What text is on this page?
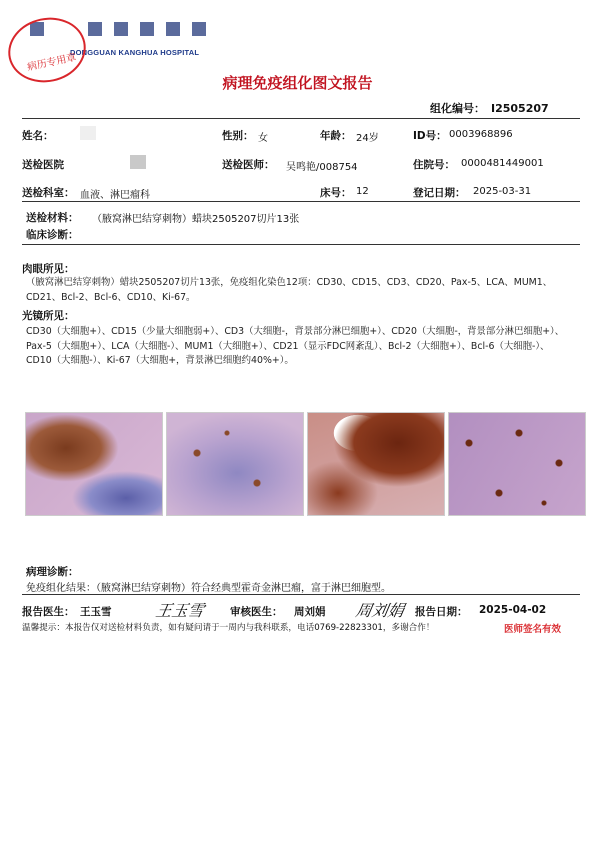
DONGGUAN KANGHUA HOSPITAL
病历专用章
病理免疫组化图文报告
组化编号： I2505207
姓名：	性别： 女	年龄： 24岁	ID号： 0003968896
送检医院	送检医师： 吴鸣艳/008754	住院号： 0000481449001
送检科室： 血液、淋巴瘤科	床号： 12	登记日期： 2025-03-31
送检材料： （腋窝淋巴结穿刺物）蜡块2505207切片13张
临床诊断：
肉眼所见：
（腋窝淋巴结穿刺物）蜡块2505207切片13张，免疫组化染色12项：CD30、CD15、CD3、CD20、Pax-5、LCA、MUM1、CD21、Bcl-2、Bcl-6、CD10、Ki-67。
光镜所见：
CD30（大细胞+）、CD15（少量大细胞弱+）、CD3（大细胞-，背景部分淋巴细胞+）、CD20（大细胞-，背景部分淋巴细胞+）、Pax-5（大细胞+）、LCA（大细胞-）、MUM1（大细胞+）、CD21（显示FDC网紊乱）、Bcl-2（大细胞+）、Bcl-6（大细胞-）、CD10（大细胞-）、Ki-67（大细胞+，背景淋巴细胞约40%+）。
病理诊断：
免疫组化结果：（腋窝淋巴结穿刺物）符合经典型霍奇金淋巴瘤，富于淋巴细胞型。
报告医生： 王玉雪	王玉雪 审核医生： 周刘娟 周刘娟 报告日期： 2025-04-02
温馨提示：本报告仅对送检材料负责，如有疑问请于一周内与我科联系，电话0769-22823301，多谢合作！	医师签名有效
